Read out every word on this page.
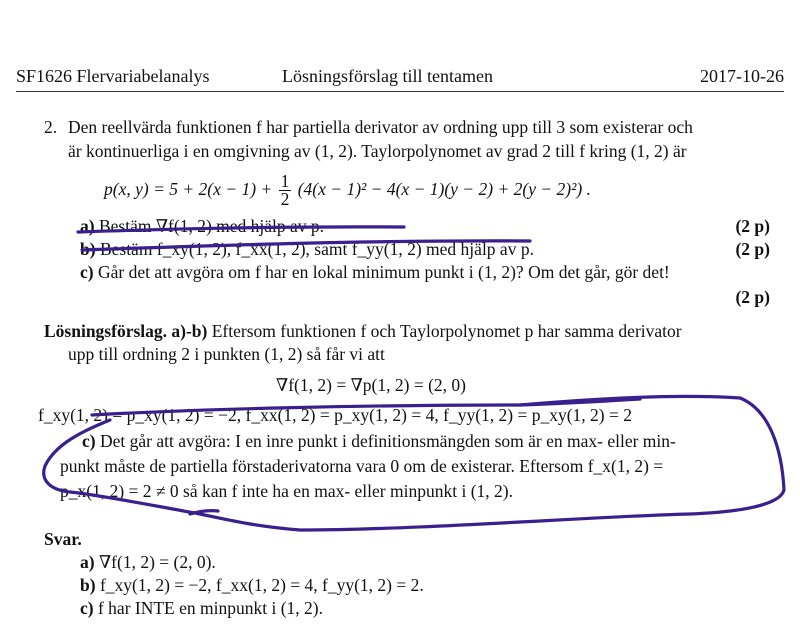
SF1626 Flervariabelanalys	Lösningsförslag till tentamen	2017-10-26
2. Den reellvärda funktionen f har partiella derivator av ordning upp till 3 som existerar och
är kontinuerliga i en omgivning av (1, 2). Taylorpolynomet av grad 2 till f kring (1, 2) är
p(x, $y) = 5 + 2(x - 1) + \frac{1}{2} (4(x - 1)^2 - 4(x - 1)(y - 2) + 2(y - 2)^2)$ .
a) Bestäm ∇f(1, 2) med hjälp av p.	(2 p)
b) Bestäm f_xy(1, 2), f_xx(1, 2), samt f_yy(1, 2) med hjälp av p.	(2 p)
c) Går det att avgöra om f har en lokal minimum punkt i (1, 2)? Om det går, gör det!
(2 p)
Lösningsförslag. a)-b) Eftersom funktionen f och Taylorpolynomet p har samma derivator
upp till ordning 2 i punkten (1, 2) så får vi att
∇f(1, 2) = ∇p(1, 2) = (2, 0)
f_xy(1, 2) = p_xy(1, 2) = −2, f_xx(1, 2) = p_xy(1, 2) = 4, f_yy(1, 2) = p_xy(1, 2) = 2
c) Det går att avgöra: I en inre punkt i definitionsmängden som är en max- eller min-
punkt måste de partiella förstaderivatorna vara 0 om de existerar. Eftersom f_x(1, 2) =
p_x(1, 2) = 2 ≠ 0 så kan f inte ha en max- eller minpunkt i (1, 2).
Svar.
a) ∇f(1, 2) = (2, 0).
b) f_xy(1, 2) = −2, f_xx(1, 2) = 4, f_yy(1, 2) = 2.
c) f har INTE en minpunkt i (1, 2).
